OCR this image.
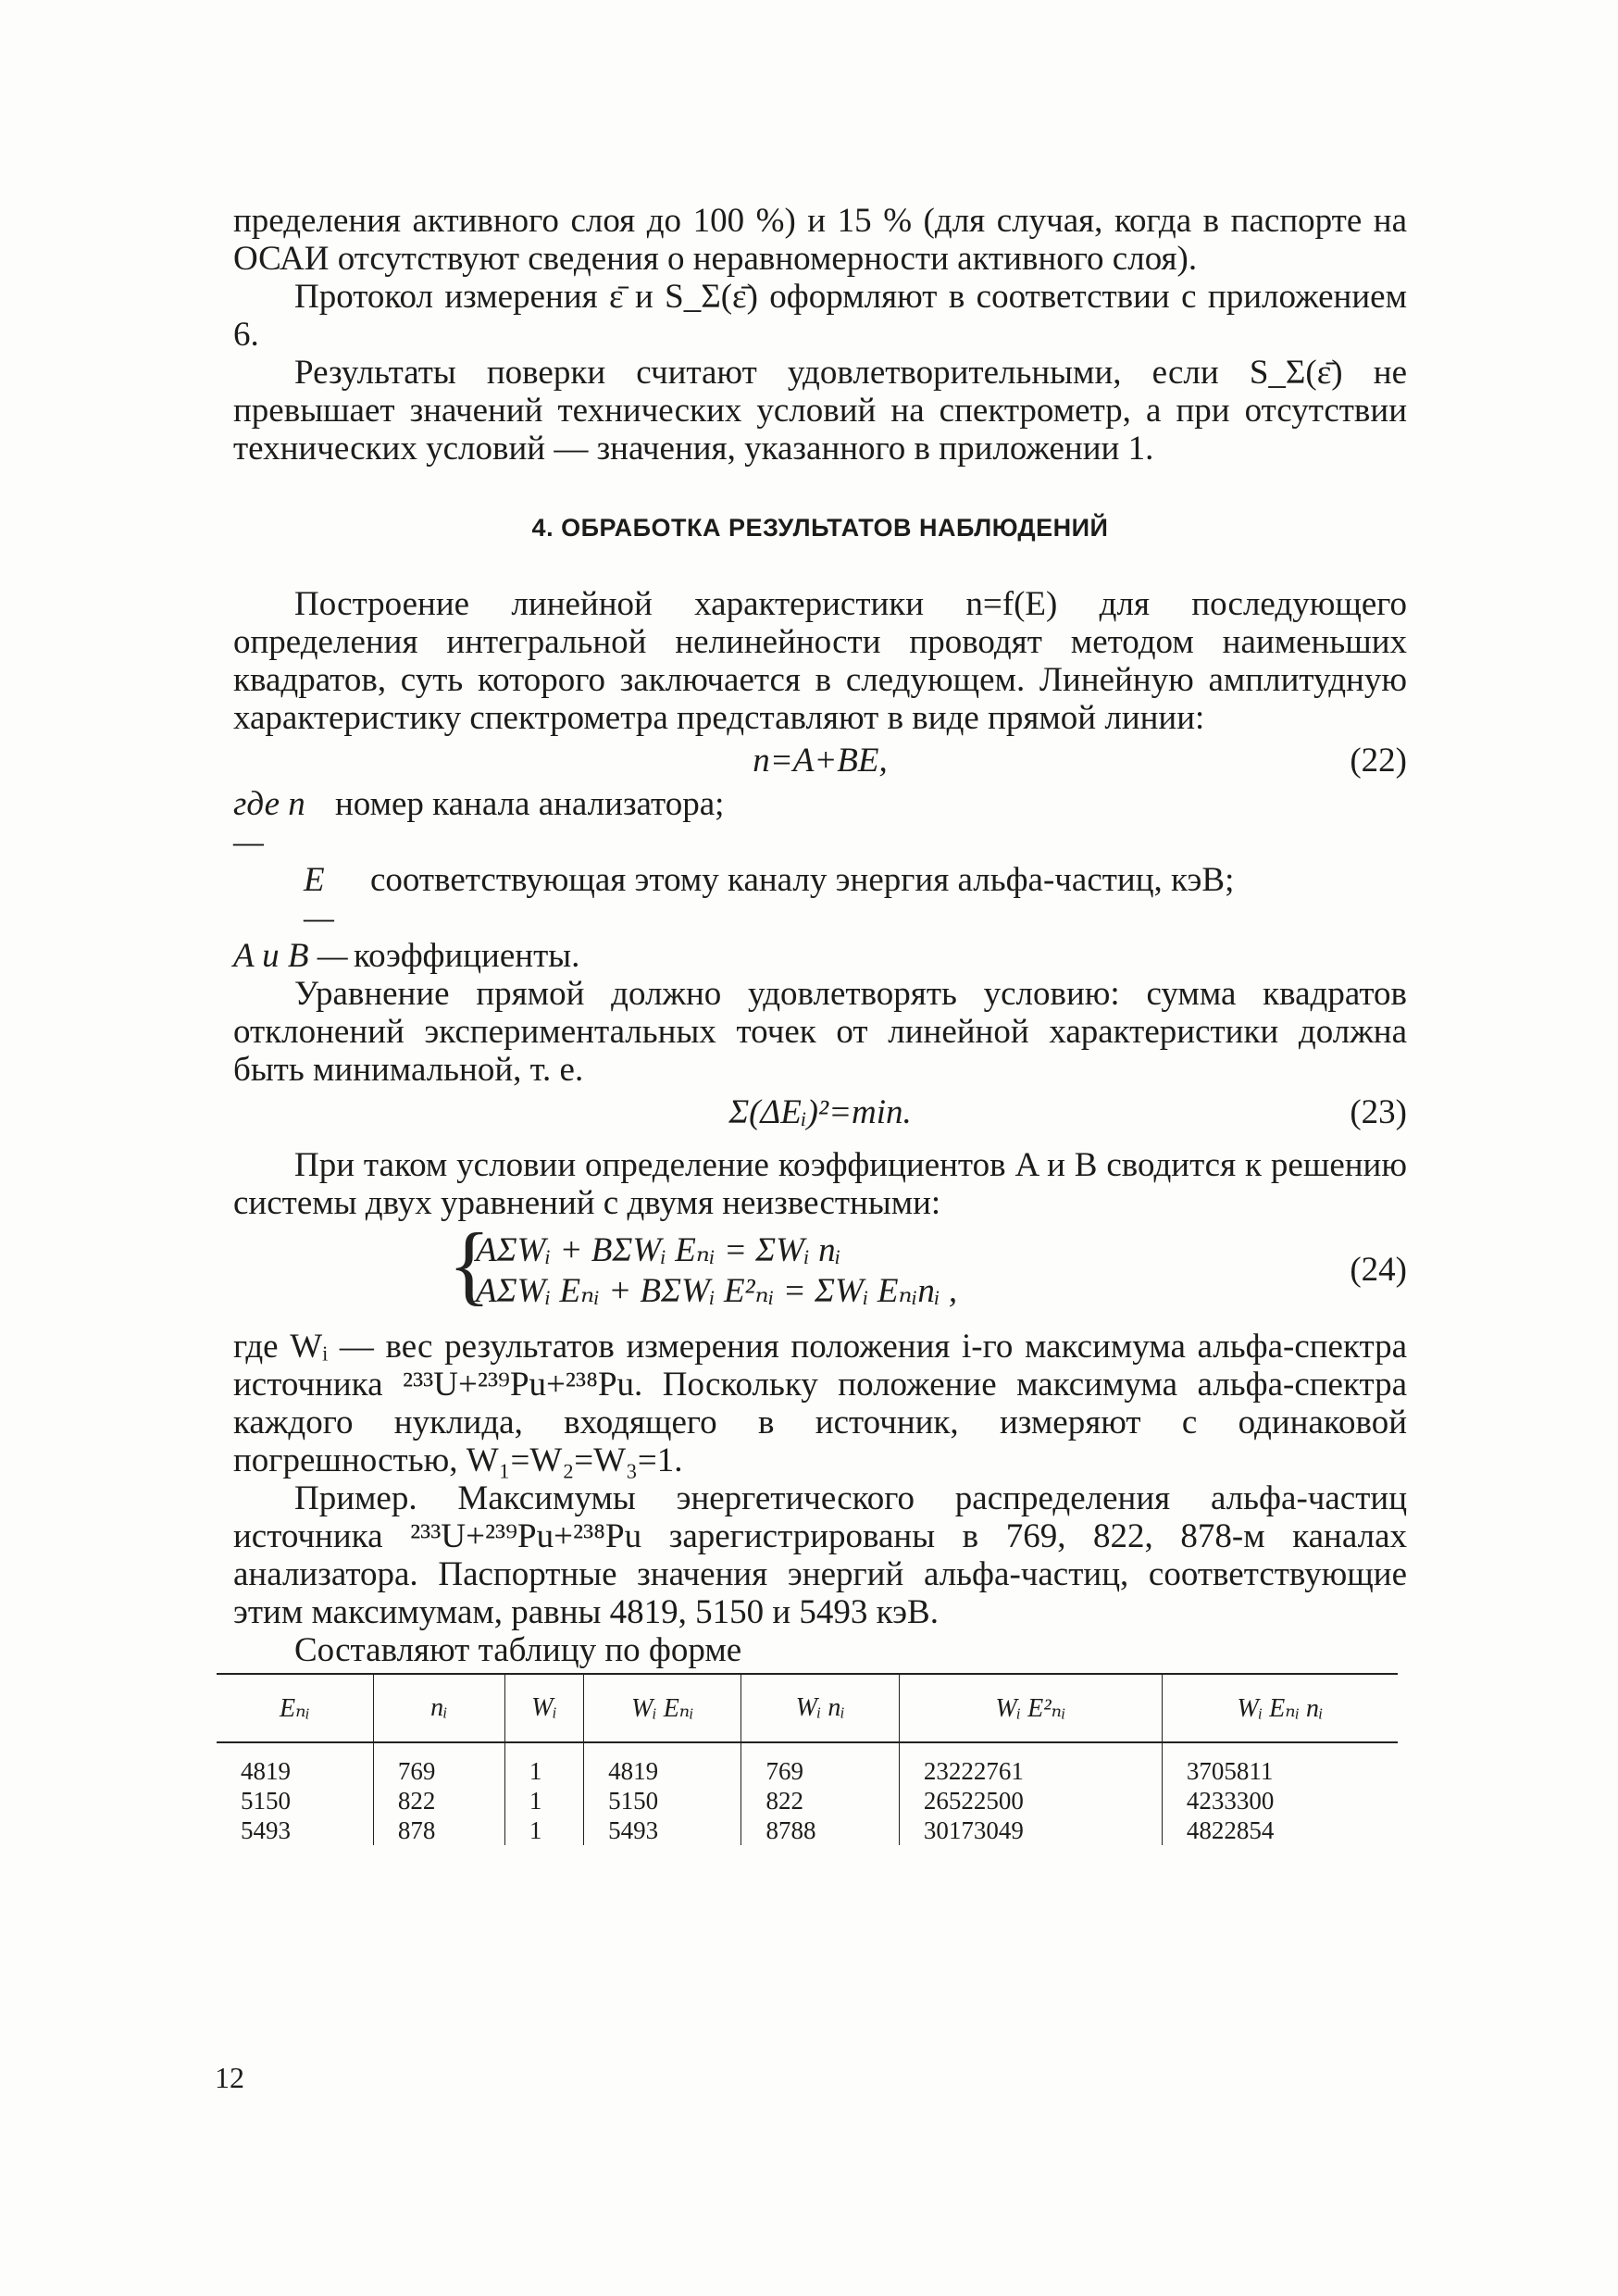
пределения активного слоя до 100 %) и 15 % (для случая, когда в паспорте на ОСАИ отсутствуют сведения о неравномерности активного слоя).

Протокол измерения ε̄ и S_Σ(ε̄) оформляют в соответствии с приложением 6.

Результаты поверки считают удовлетворительными, если S_Σ(ε̄) не превышает значений технических условий на спектрометр, а при отсутствии технических условий — значения, указанного в приложении 1.

4. ОБРАБОТКА РЕЗУЛЬТАТОВ НАБЛЮДЕНИЙ

Построение линейной характеристики n=f(E) для последующего определения интегральной нелинейности проводят методом наименьших квадратов, суть которого заключается в следующем. Линейную амплитудную характеристику спектрометра представляют в виде прямой линии:

n=A+BE,	(22)
где n —
номер канала анализатора;
E —
соответствующая этому каналу энергия альфа-частиц, кэВ;
A и B — коэффициенты.

Уравнение прямой должно удовлетворять условию: сумма квадратов отклонений экспериментальных точек от линейной характеристики должна быть минимальной, т. е.

Σ(ΔEᵢ)²=min.	(23)

При таком условии определение коэффициентов A и B сводится к решению системы двух уравнений с двумя неизвестными:

{
AΣWᵢ + BΣWᵢ Eₙᵢ = ΣWᵢ nᵢ
AΣWᵢ Eₙᵢ + BΣWᵢ E²ₙᵢ = ΣWᵢ Eₙᵢnᵢ ,
(24)

где Wᵢ — вес результатов измерения положения i-го максимума альфа-спектра источника ²³³U+²³⁹Pu+²³⁸Pu. Поскольку положение максимума альфа-спектра каждого нуклида, входящего в источник, измеряют с одинаковой погрешностью, W₁=W₂=W₃=1.

Пример. Максимумы энергетического распределения альфа-частиц источника ²³³U+²³⁹Pu+²³⁸Pu зарегистрированы в 769, 822, 878-м каналах анализатора. Паспортные значения энергий альфа-частиц, соответствующие этим максимумам, равны 4819, 5150 и 5493 кэВ.

Составляют таблицу по форме

Eₙᵢ	nᵢ	Wᵢ	Wᵢ Eₙᵢ	Wᵢ nᵢ	Wᵢ E²ₙᵢ	Wᵢ Eₙᵢ nᵢ
4819	769	1	4819	769	23222761	3705811
5150	822	1	5150	822	26522500	4233300
5493	878	1	5493	8788	30173049	4822854
12
